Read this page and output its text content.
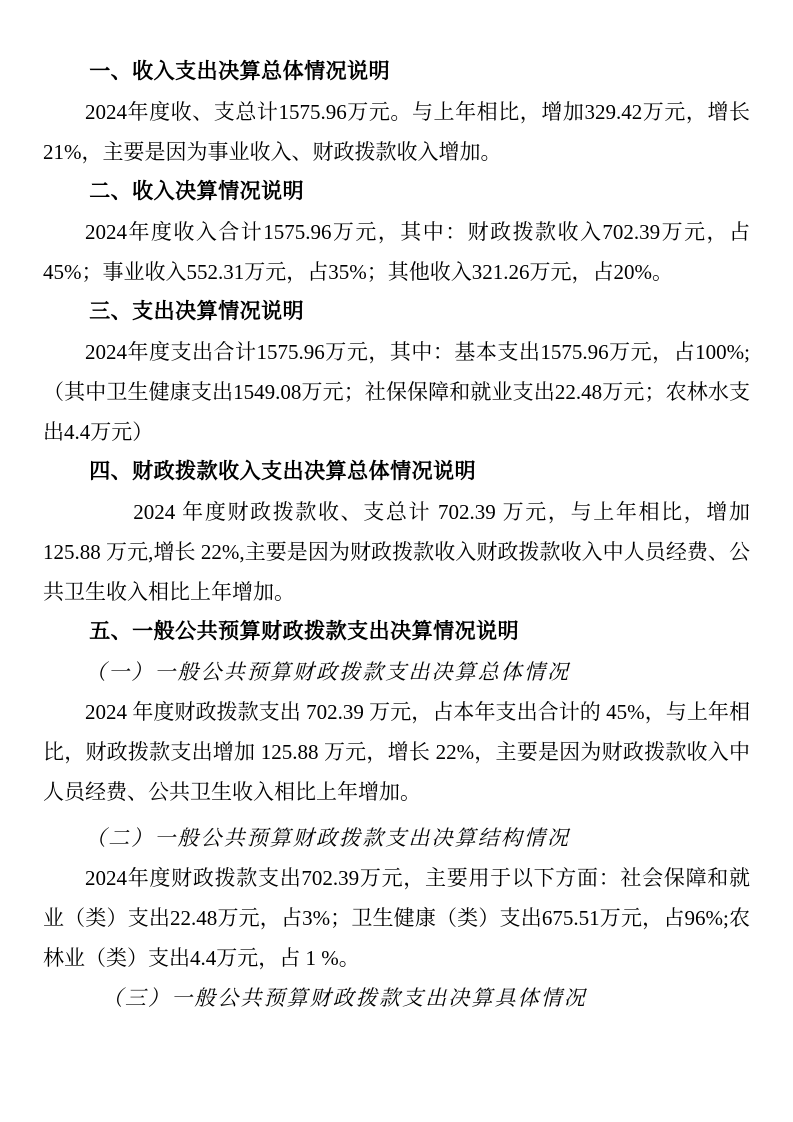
一、收入支出决算总体情况说明

2024年度收、支总计1575.96万元。与上年相比，增加329.42万元，增长21%，主要是因为事业收入、财政拨款收入增加。

二、收入决算情况说明

2024年度收入合计1575.96万元，其中：财政拨款收入702.39万元，占45%；事业收入552.31万元，占35%；其他收入321.26万元，占20%。

三、支出决算情况说明

2024年度支出合计1575.96万元，其中：基本支出1575.96万元，占100%;（其中卫生健康支出1549.08万元；社保保障和就业支出22.48万元；农林水支出4.4万元）

四、财政拨款收入支出决算总体情况说明

2024 年度财政拨款收、支总计 702.39 万元，与上年相比，增加 125.88 万元,增长 22%,主要是因为财政拨款收入财政拨款收入中人员经费、公共卫生收入相比上年增加。

五、一般公共预算财政拨款支出决算情况说明
（一）一般公共预算财政拨款支出决算总体情况

2024 年度财政拨款支出 702.39 万元，占本年支出合计的 45%，与上年相比，财政拨款支出增加 125.88 万元，增长 22%，主要是因为财政拨款收入中人员经费、公共卫生收入相比上年增加。

（二）一般公共预算财政拨款支出决算结构情况

2024年度财政拨款支出702.39万元，主要用于以下方面：社会保障和就业（类）支出22.48万元，占3%；卫生健康（类）支出675.51万元，占96%;农林业（类）支出4.4万元，占 1 %。

（三）一般公共预算财政拨款支出决算具体情况
